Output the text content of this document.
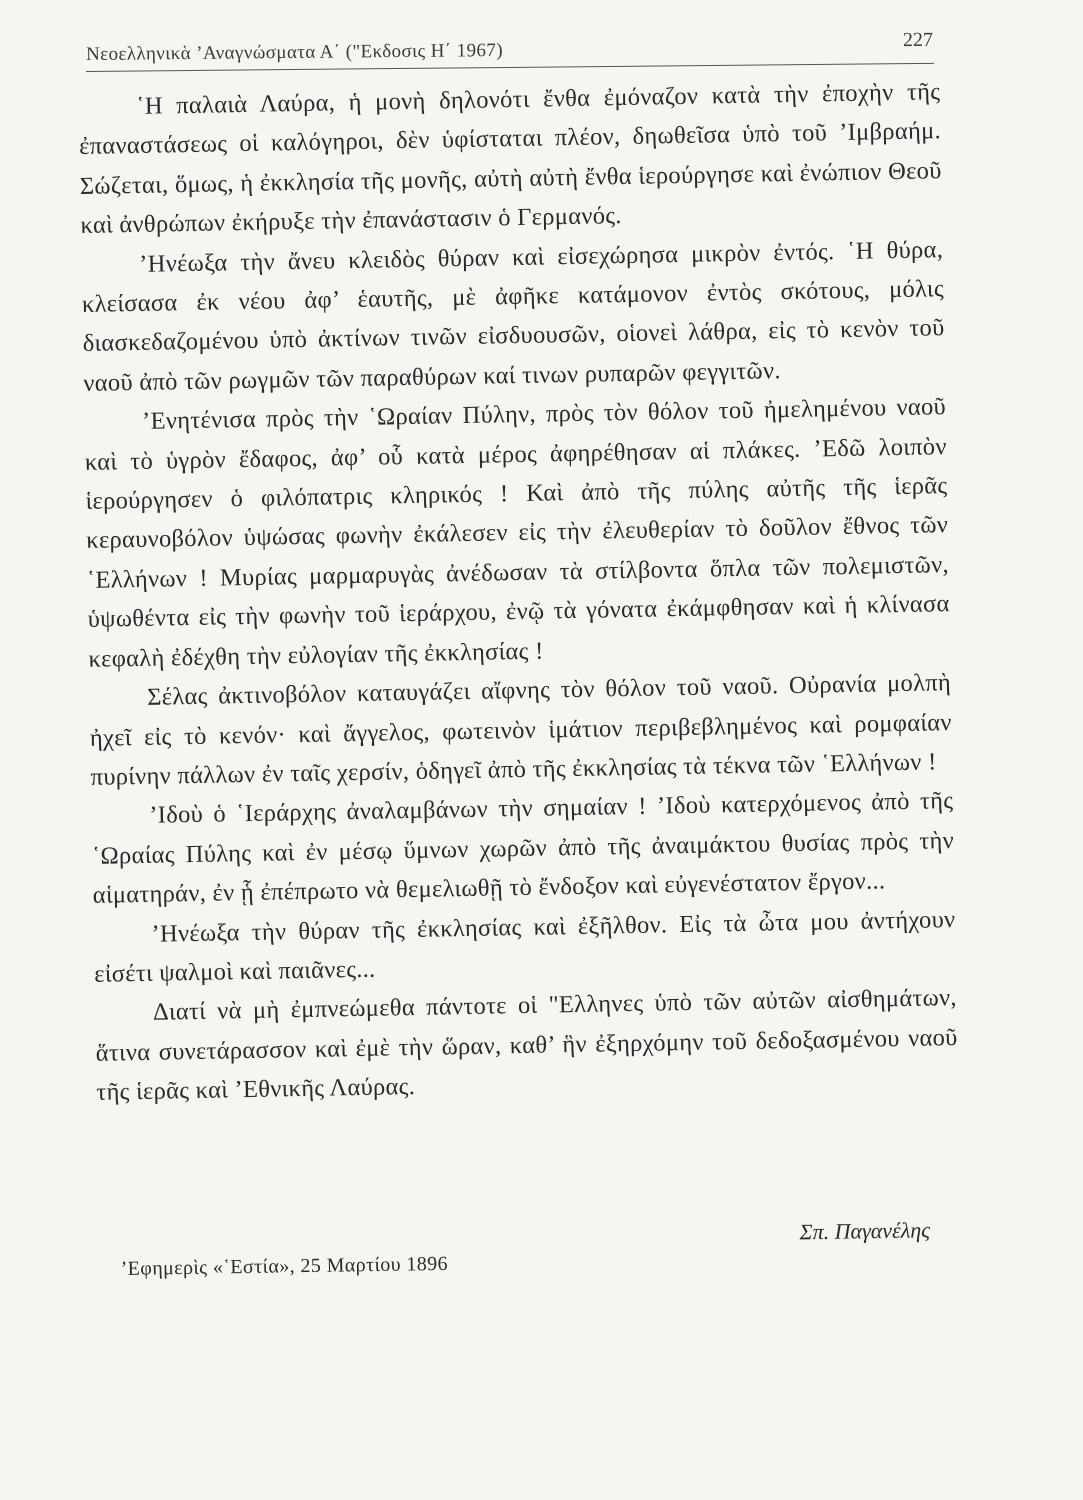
Νεοελληνικὰ ’Αναγνώσματα Α΄ ("Εκδοσις Η΄ 1967)	227

῾Η παλαιὰ Λαύρα, ἡ μονὴ δηλονότι ἔνθα ἐμόναζον κατὰ τὴν ἐποχὴν τῆς ἐπαναστάσεως οἱ καλόγηροι, δὲν ὑφίσταται πλέον, δηωθεῖσα ὑπὸ τοῦ ’Ιμβραήμ. Σώζεται, ὅμως, ἡ ἐκκλησία τῆς μονῆς, αὐτὴ αὐτὴ ἔνθα ἱερούργησε καὶ ἐνώπιον Θεοῦ καὶ ἀνθρώπων ἐκήρυξε τὴν ἐπανάστασιν ὁ Γερμανός.

’Ηνέωξα τὴν ἄνευ κλειδὸς θύραν καὶ εἰσεχώρησα μικρὸν ἐντός. ῾Η θύρα, κλείσασα ἐκ νέου ἀφ’ ἑαυτῆς, μὲ ἀφῆκε κατάμονον ἐντὸς σκότους, μόλις διασκεδαζομένου ὑπὸ ἀκτίνων τινῶν εἰσδυουσῶν, οἱονεὶ λάθρα, εἰς τὸ κενὸν τοῦ ναοῦ ἀπὸ τῶν ρωγμῶν τῶν παραθύρων καί τινων ρυπαρῶν φεγγιτῶν.

’Ενητένισα πρὸς τὴν ῾Ωραίαν Πύλην, πρὸς τὸν θόλον τοῦ ἠμελημένου ναοῦ καὶ τὸ ὑγρὸν ἔδαφος, ἀφ’ οὗ κατὰ μέρος ἀφηρέθησαν αἱ πλάκες. ’Εδῶ λοιπὸν ἱερούργησεν ὁ φιλόπατρις κληρικός ! Καὶ ἀπὸ τῆς πύλης αὐτῆς τῆς ἱερᾶς κεραυνοβόλον ὑψώσας φωνὴν ἐκάλεσεν εἰς τὴν ἐλευθερίαν τὸ δοῦλον ἔθνος τῶν ῾Ελλήνων ! Μυρίας μαρμαρυγὰς ἀνέδωσαν τὰ στίλβοντα ὅπλα τῶν πολεμιστῶν, ὑψωθέντα εἰς τὴν φωνὴν τοῦ ἱεράρχου, ἐνῷ τὰ γόνατα ἐκάμφθησαν καὶ ἡ κλίνασα κεφαλὴ ἐδέχθη τὴν εὐλογίαν τῆς ἐκκλησίας !

Σέλας ἀκτινοβόλον καταυγάζει αἴφνης τὸν θόλον τοῦ ναοῦ. Οὐρανία μολπὴ ἠχεῖ εἰς τὸ κενόν· καὶ ἄγγελος, φωτεινὸν ἱμάτιον περιβεβλημένος καὶ ρομφαίαν πυρίνην πάλλων ἐν ταῖς χερσίν, ὁδηγεῖ ἀπὸ τῆς ἐκκλησίας τὰ τέκνα τῶν ῾Ελλήνων !

’Ιδοὺ ὁ ῾Ιεράρχης ἀναλαμβάνων τὴν σημαίαν ! ’Ιδοὺ κατερχόμενος ἀπὸ τῆς ῾Ωραίας Πύλης καὶ ἐν μέσῳ ὕμνων χωρῶν ἀπὸ τῆς ἀναιμάκτου θυσίας πρὸς τὴν αἱματηράν, ἐν ᾗ ἐπέπρωτο νὰ θεμελιωθῇ τὸ ἔνδοξον καὶ εὐγενέστατον ἔργον...

’Ηνέωξα τὴν θύραν τῆς ἐκκλησίας καὶ ἐξῆλθον. Εἰς τὰ ὦτα μου ἀντήχουν εἰσέτι ψαλμοὶ καὶ παιᾶνες...

Διατί νὰ μὴ ἐμπνεώμεθα πάντοτε οἱ "Ελληνες ὑπὸ τῶν αὐτῶν αἰσθημάτων, ἅτινα συνετάρασσον καὶ ἐμὲ τὴν ὥραν, καθ’ ἣν ἐξηρχόμην τοῦ δεδοξασμένου ναοῦ τῆς ἱερᾶς καὶ ’Εθνικῆς Λαύρας.

Σπ. Παγανέλης
’Εφημερὶς «῾Εστία», 25 Μαρτίου 1896
